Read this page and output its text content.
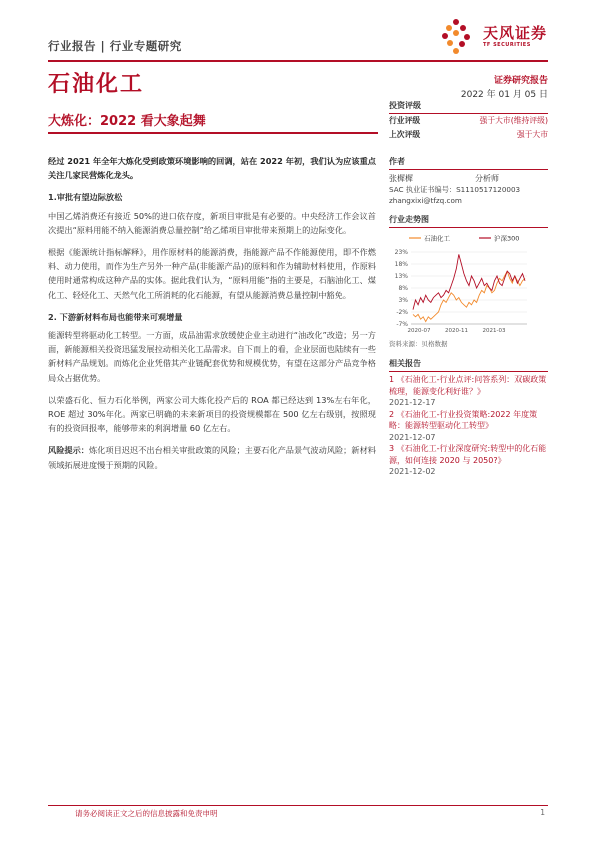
行业报告 | 行业专题研究
天风证券
TF SECURITIES
石油化工	证券研究报告
2022 年 01 月 05 日
大炼化：2022 看大象起舞

经过 2021 年全年大炼化受到政策环境影响的回调，站在 2022 年初，我们认为应该重点关注几家民营炼化龙头。

1.审批有望边际放松

中国乙烯消费还有接近 50%的进口依存度，新项目审批是有必要的。中央经济工作会议首次提出“原料用能不纳入能源消费总量控制”给乙烯项目审批带来预期上的边际变化。

根据《能源统计指标解释》，用作原材料的能源消费，指能源产品不作能源使用，即不作燃料、动力使用，而作为生产另外一种产品(非能源产品)的原料和作为辅助材料使用，作原料使用时通常构成这种产品的实体。据此我们认为，“原料用能”指的主要是，石脑油化工、煤化工、轻烃化工、天然气化工所消耗的化石能源，有望从能源消费总量控制中豁免。

2. 下游新材料布局也能带来可观增量

能源转型将驱动化工转型。一方面，成品油需求放缓使企业主动进行“油改化”改造；另一方面，新能源相关投资迅猛发展拉动相关化工品需求。自下而上的看，企业层面也陆续有一些新材料产品规划。而炼化企业凭借其产业链配套优势和规模优势，有望在这部分产品竞争格局众占据优势。

以荣盛石化、恒力石化举例，两家公司大炼化投产后的 ROA 都已经达到 13%左右年化，ROE 超过 30%年化。两家已明确的未来新项目的投资规模都在 500 亿左右级别，按照现有的投资回报率，能够带来的利润增量 60 亿左右。

风险提示：炼化项目迟迟不出台相关审批政策的风险；主要石化产品景气波动风险；新材料领域拓展进度慢于预期的风险。

投资评级
行业评级	强于大市(维持评级)
上次评级	强于大市
作者
张樨樨	分析师
SAC 执业证书编号：S1110517120003
zhangxixi@tfzq.com
行业走势图
石油化工	沪深300
23%
18%
13%
8%
3%
-2%
-7%
2020-07	2020-11	2021-03
资料来源：贝格数据
相关报告
1 《石油化工-行业点评:问答系列：双碳政策梳理，能源变化利好谁？》
2021-12-17
2 《石油化工-行业投资策略:2022 年度策略：能源转型驱动化工转型》
2021-12-07
3 《石油化工-行业深度研究:转型中的化石能源，如何连接 2020 与 2050?》
2021-12-02
请务必阅读正文之后的信息披露和免责申明	1
